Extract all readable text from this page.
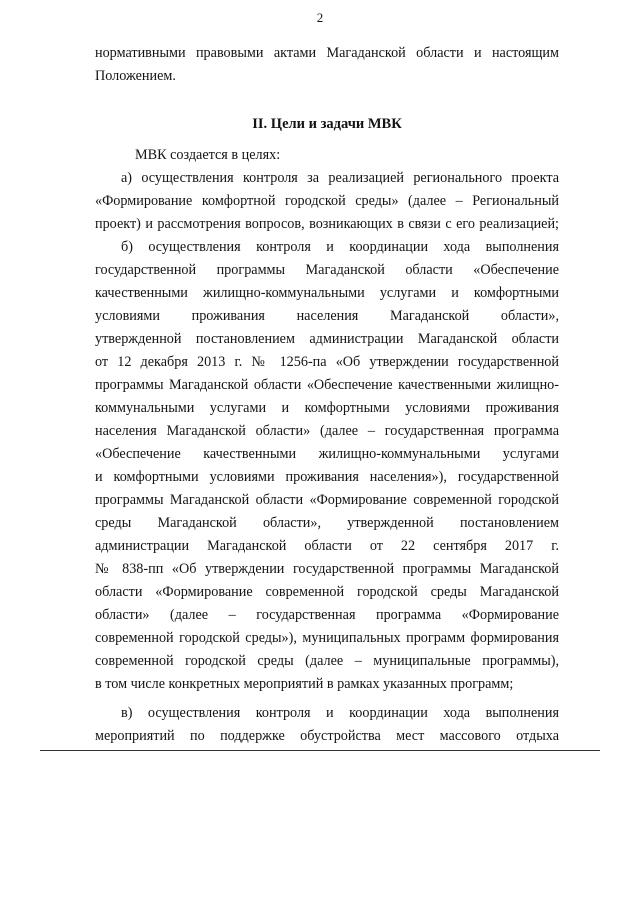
2
нормативными правовыми актами Магаданской области и настоящим
Положением.
II. Цели и задачи МВК
МВК создается в целях:
а) осуществления контроля за реализацией регионального проекта
«Формирование комфортной городской среды» (далее – Региональный
проект) и рассмотрения вопросов, возникающих в связи с его реализацией;
б) осуществления контроля и координации хода выполнения
государственной программы Магаданской области «Обеспечение
качественными жилищно-коммунальными услугами и комфортными
условиями проживания населения Магаданской области»,
утвержденной постановлением администрации Магаданской области
от 12 декабря 2013 г. № 1256-па «Об утверждении государственной
программы Магаданской области «Обеспечение качественными жилищно-
коммунальными услугами и комфортными условиями проживания
населения Магаданской области» (далее – государственная программа
«Обеспечение качественными жилищно-коммунальными услугами
и комфортными условиями проживания населения»), государственной
программы Магаданской области «Формирование современной городской
среды Магаданской области», утвержденной постановлением
администрации Магаданской области от 22 сентября 2017 г.
№ 838-пп «Об утверждении государственной программы Магаданской
области «Формирование современной городской среды Магаданской
области» (далее – государственная программа «Формирование
современной городской среды»), муниципальных программ формирования
современной городской среды (далее – муниципальные программы),
в том числе конкретных мероприятий в рамках указанных программ;
в) осуществления контроля и координации хода выполнения
мероприятий по поддержке обустройства мест массового отдыха
